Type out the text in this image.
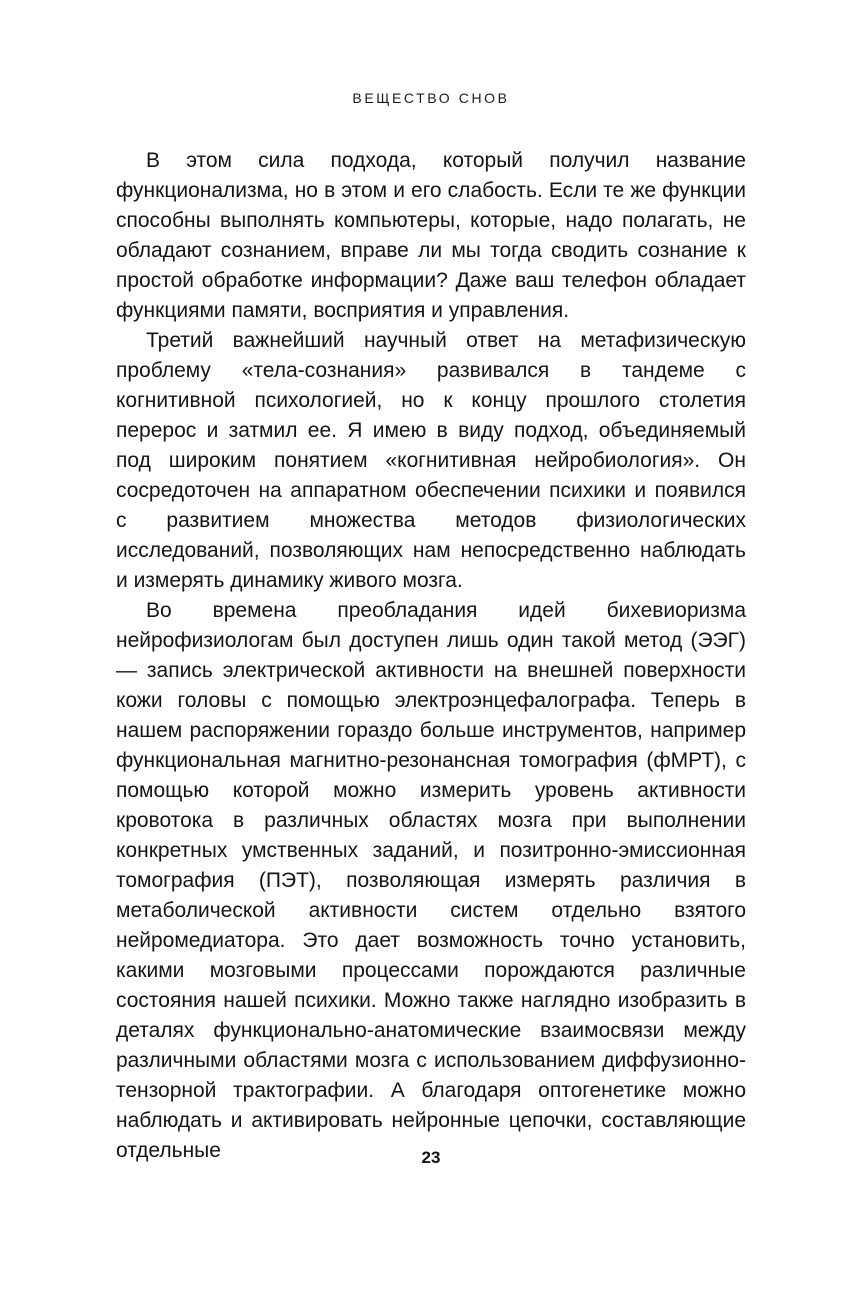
ВЕЩЕСТВО СНОВ

В этом сила подхода, который получил название функционализма, но в этом и его слабость. Если те же функции способны выполнять компьютеры, которые, надо полагать, не обладают сознанием, вправе ли мы тогда сводить сознание к простой обработке информации? Даже ваш телефон обладает функциями памяти, восприятия и управления.

Третий важнейший научный ответ на метафизическую проблему «тела-сознания» развивался в тандеме с когнитивной психологией, но к концу прошлого столетия перерос и затмил ее. Я имею в виду подход, объединяемый под широким понятием «когнитивная нейробиология». Он сосредоточен на аппаратном обеспечении психики и появился с развитием множества методов физиологических исследований, позволяющих нам непосредственно наблюдать и измерять динамику живого мозга.

Во времена преобладания идей бихевиоризма нейрофизиологам был доступен лишь один такой метод (ЭЭГ) — запись электрической активности на внешней поверхности кожи головы с помощью электроэнцефалографа. Теперь в нашем распоряжении гораздо больше инструментов, например функциональная магнитно-резонансная томография (фМРТ), с помощью которой можно измерить уровень активности кровотока в различных областях мозга при выполнении конкретных умственных заданий, и позитронно-эмиссионная томография (ПЭТ), позволяющая измерять различия в метаболической активности систем отдельно взятого нейромедиатора. Это дает возможность точно установить, какими мозговыми процессами порождаются различные состояния нашей психики. Можно также наглядно изобразить в деталях функционально-анатомические взаимосвязи между различными областями мозга с использованием диффузионно-тензорной трактографии. А благодаря оптогенетике можно наблюдать и активировать нейронные цепочки, составляющие отдельные	23
